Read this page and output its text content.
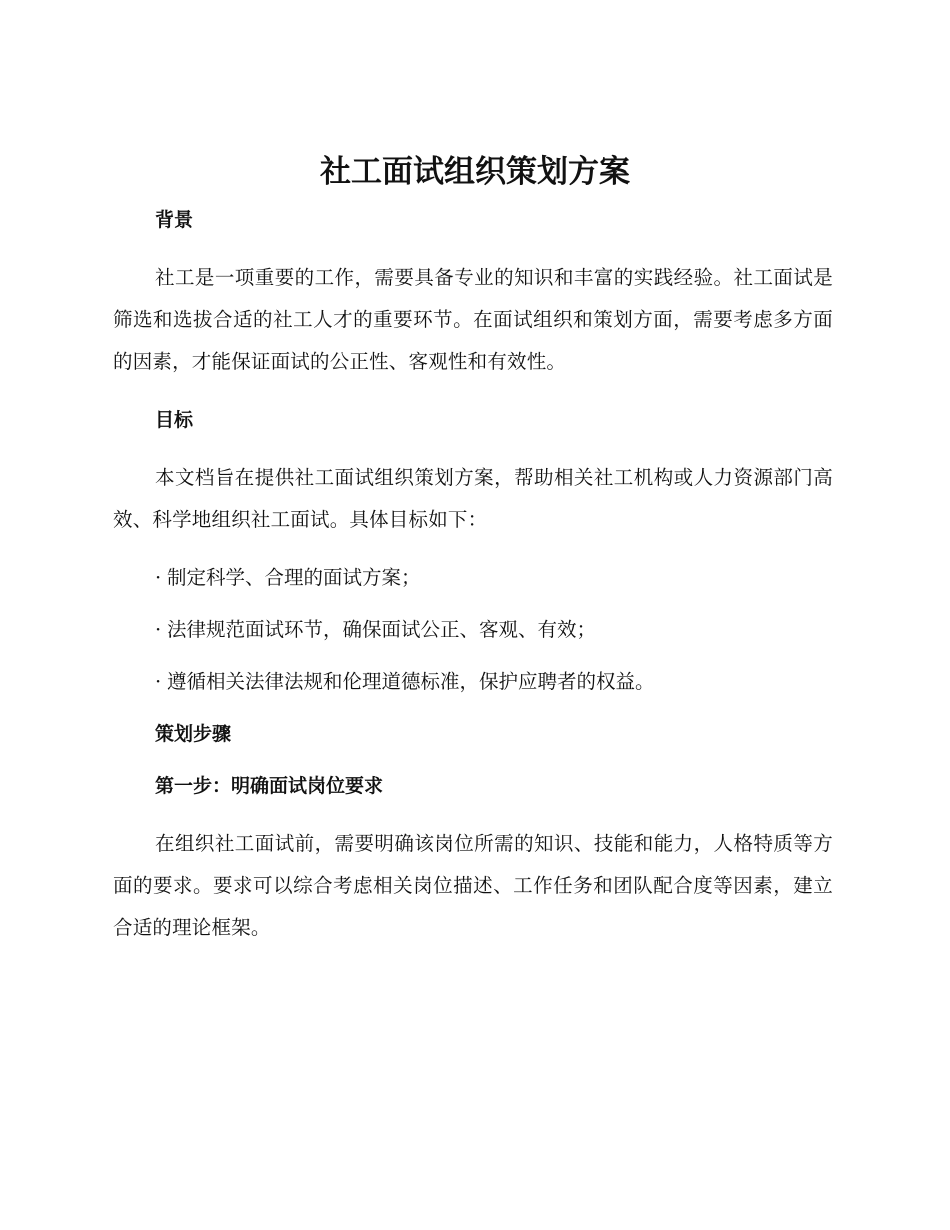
社工面试组织策划方案
背景

社工是一项重要的工作，需要具备专业的知识和丰富的实践经验。社工面试是筛选和选拔合适的社工人才的重要环节。在面试组织和策划方面，需要考虑多方面的因素，才能保证面试的公正性、客观性和有效性。

目标

本文档旨在提供社工面试组织策划方案，帮助相关社工机构或人力资源部门高效、科学地组织社工面试。具体目标如下：

· 制定科学、合理的面试方案；
· 法律规范面试环节，确保面试公正、客观、有效；
· 遵循相关法律法规和伦理道德标准，保护应聘者的权益。
策划步骤
第一步：明确面试岗位要求

在组织社工面试前，需要明确该岗位所需的知识、技能和能力，人格特质等方面的要求。要求可以综合考虑相关岗位描述、工作任务和团队配合度等因素，建立合适的理论框架。
